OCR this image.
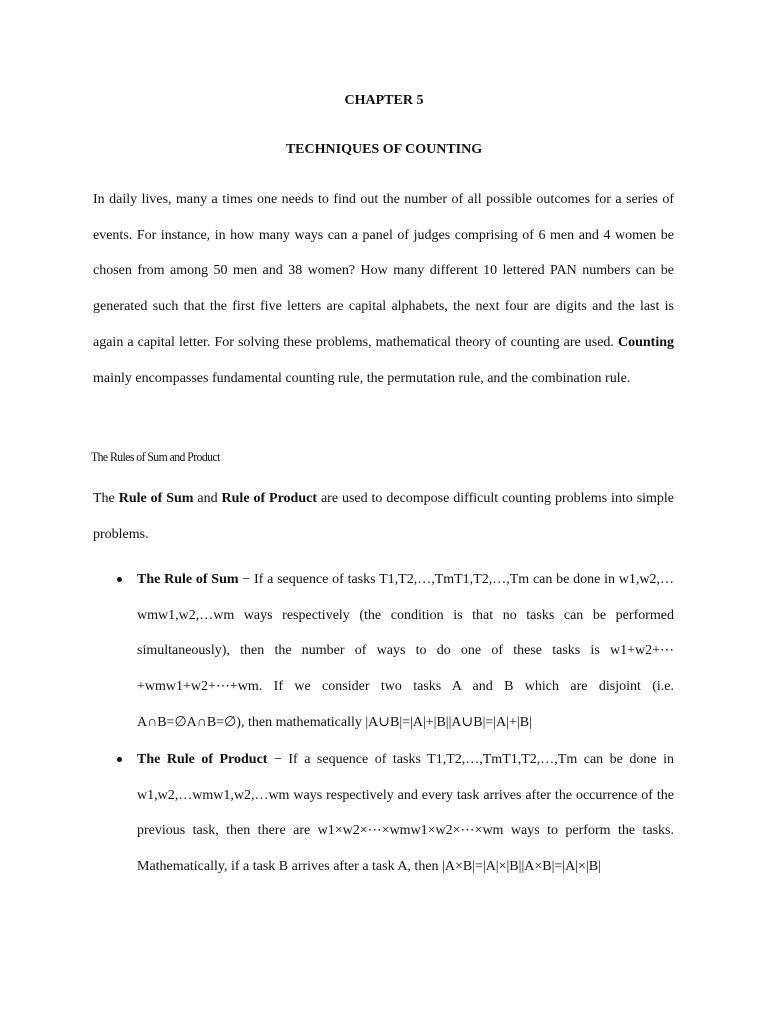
CHAPTER 5
TECHNIQUES OF COUNTING

In daily lives, many a times one needs to find out the number of all possible outcomes for a series of events. For instance, in how many ways can a panel of judges comprising of 6 men and 4 women be chosen from among 50 men and 38 women? How many different 10 lettered PAN numbers can be generated such that the first five letters are capital alphabets, the next four are digits and the last is again a capital letter. For solving these problems, mathematical theory of counting are used. Counting mainly encompasses fundamental counting rule, the permutation rule, and the combination rule.

The Rules of Sum and Product

The Rule of Sum and Rule of Product are used to decompose difficult counting problems into simple problems.

The Rule of Sum − If a sequence of tasks T1,T2,…,TmT1,T2,…,Tm can be done in w1,w2,…wmw1,w2,…wm ways respectively (the condition is that no tasks can be performed simultaneously), then the number of ways to do one of these tasks is w1+w2+⋯+wmw1+w2+⋯+wm. If we consider two tasks A and B which are disjoint (i.e. A∩B=∅A∩B=∅), then mathematically |A∪B|=|A|+|B||A∪B|=|A|+|B|
The Rule of Product − If a sequence of tasks T1,T2,…,TmT1,T2,…,Tm can be done in w1,w2,…wmw1,w2,…wm ways respectively and every task arrives after the occurrence of the previous task, then there are w1×w2×⋯×wmw1×w2×⋯×wm ways to perform the tasks. Mathematically, if a task B arrives after a task A, then |A×B|=|A|×|B||A×B|=|A|×|B|
